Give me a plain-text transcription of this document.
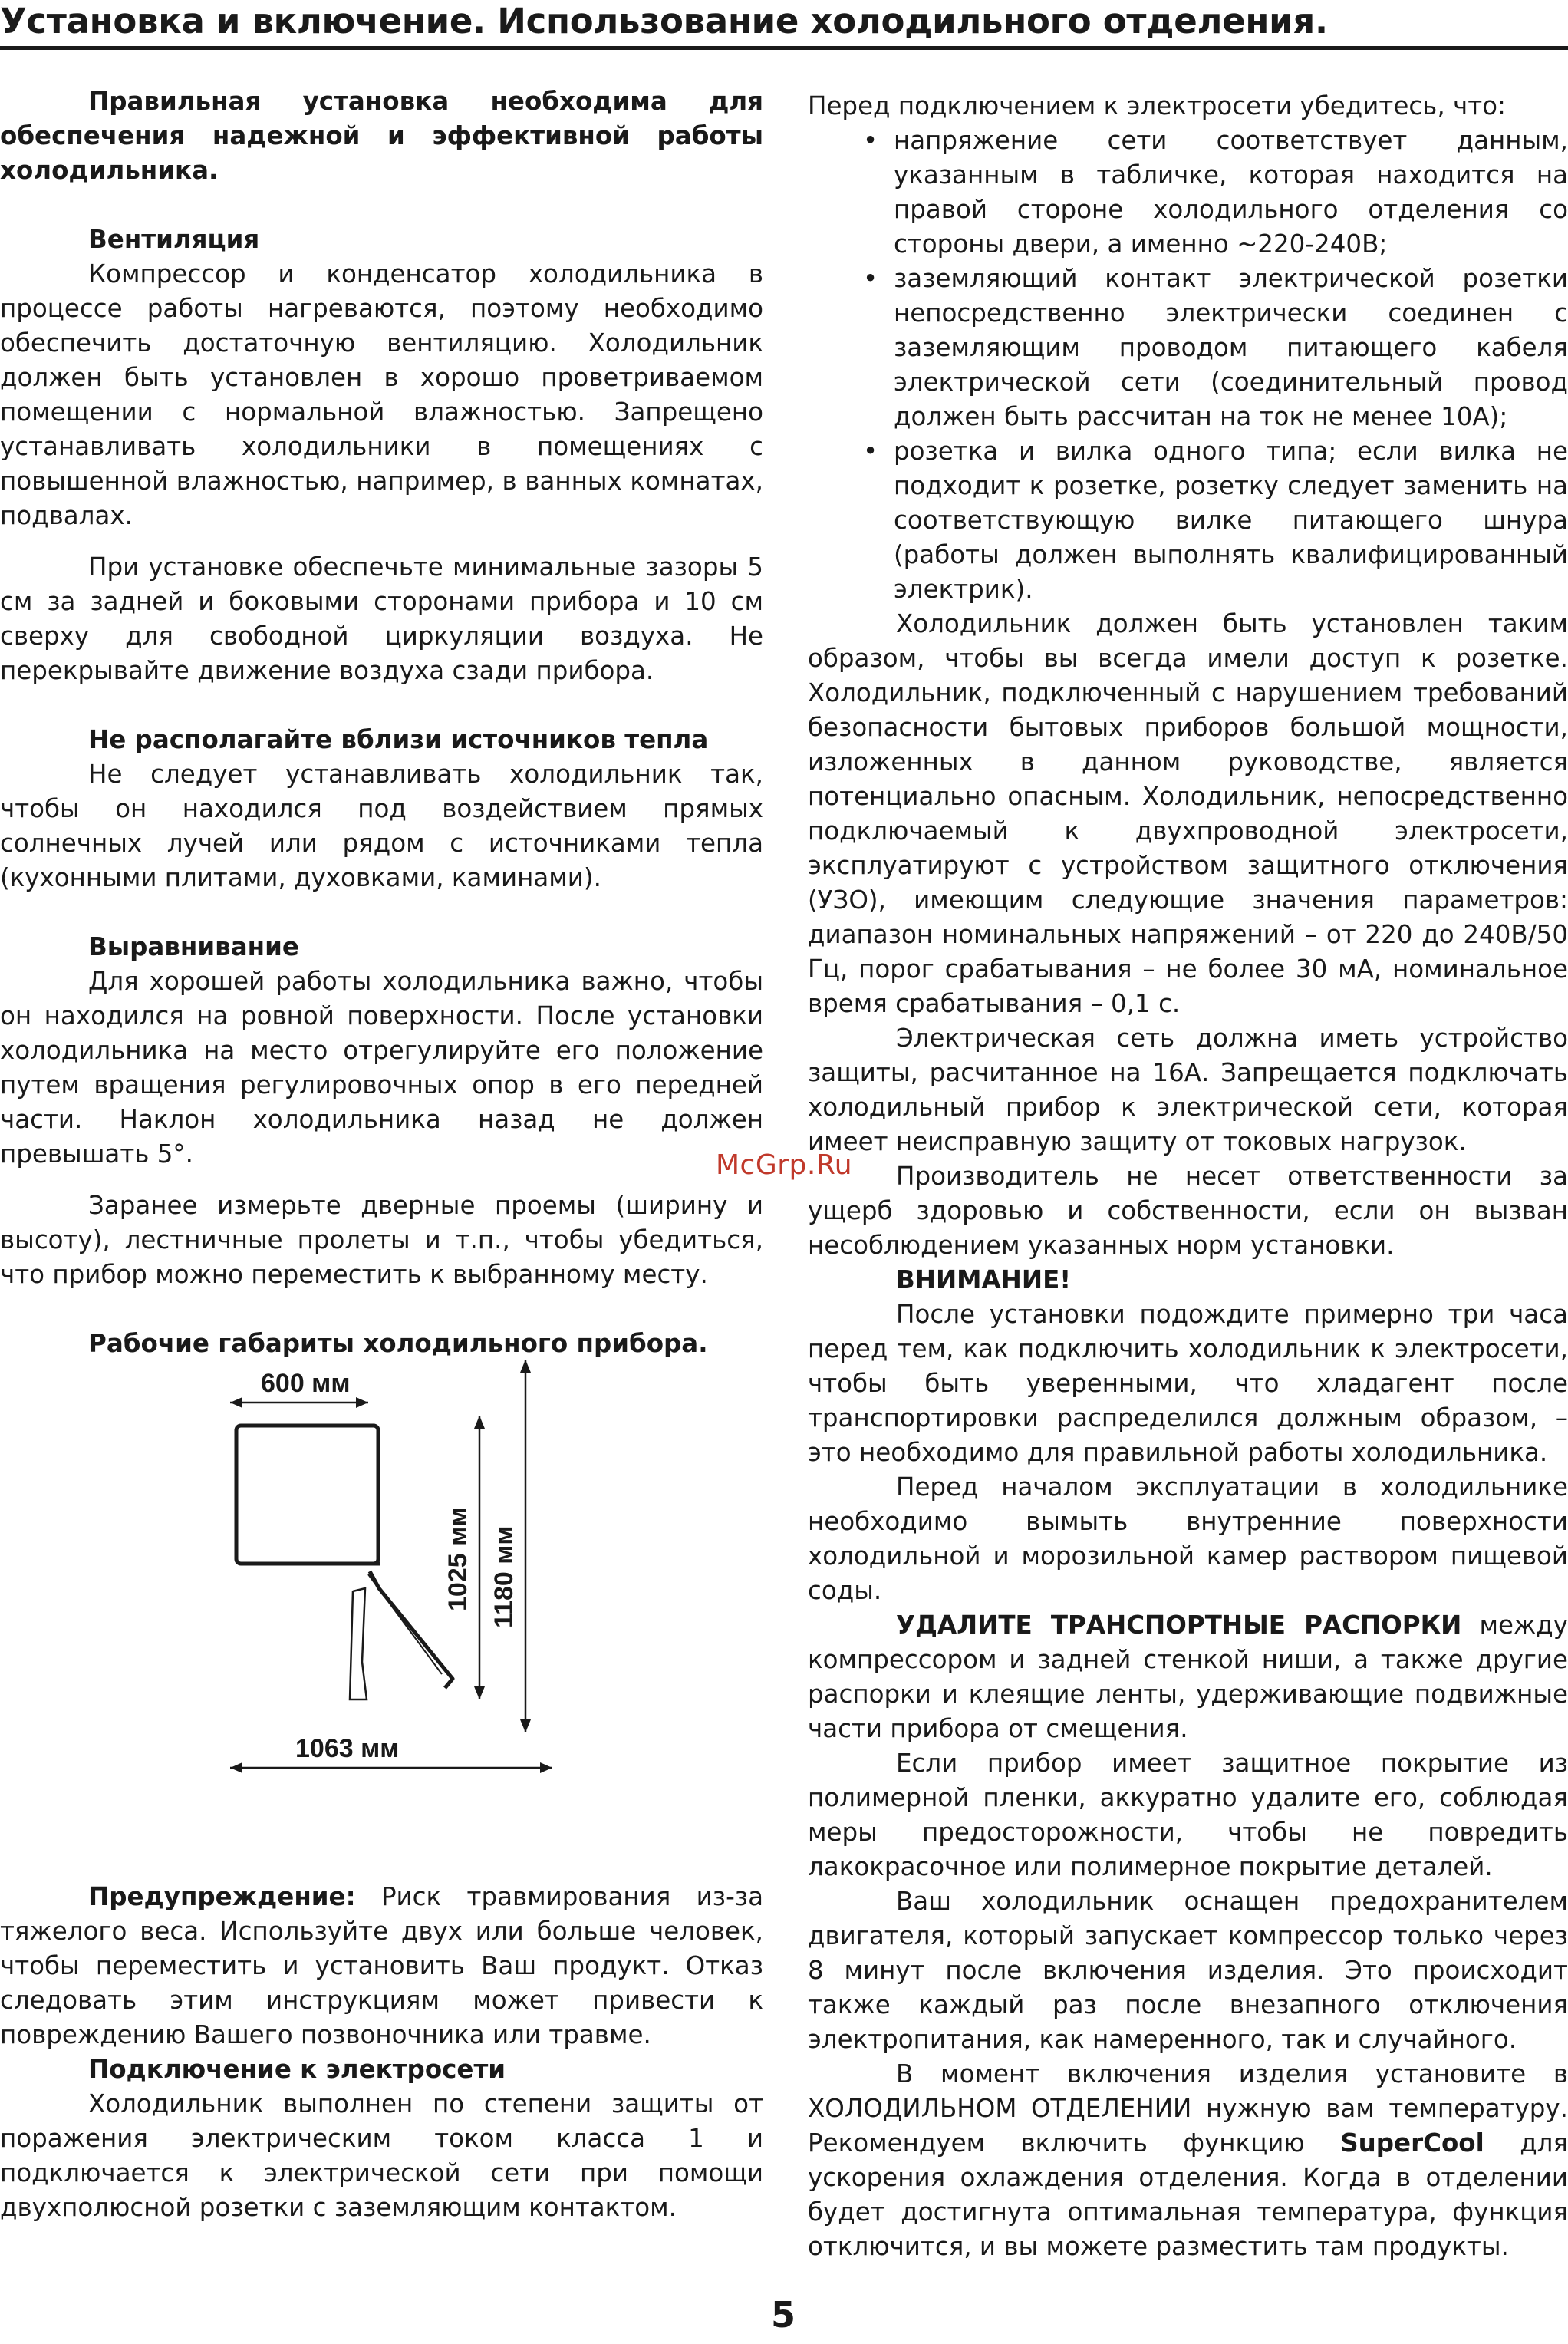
Установка и включение. Использование холодильного отделения.

Правильная установка необходима для обеспечения надежной и эффективной работы холодильника.

Вентиляция

Компрессор и конденсатор холодильника в процессе работы нагреваются, поэтому необходимо обеспечить достаточную вентиляцию. Холодильник должен быть установлен в хорошо проветриваемом помещении с нормальной влажностью. Запрещено устанавливать холодильники в помещениях с повышенной влажностью, например, в ванных комнатах, подвалах.

При установке обеспечьте минимальные зазоры 5 см за задней и боковыми сторонами прибора и 10 см сверху для свободной циркуляции воздуха. Не перекрывайте движение воздуха сзади прибора.

Не располагайте вблизи источников тепла

Не следует устанавливать холодильник так, чтобы он находился под воздействием прямых солнечных лучей или рядом с источниками тепла (кухонными плитами, духовками, каминами).

Выравнивание

Для хорошей работы холодильника важно, чтобы он находился на ровной поверхности. После установки холодильника на место отрегулируйте его положение путем вращения регулировочных опор в его передней части. Наклон холодильника назад не должен превышать 5°.

Заранее измерьте дверные проемы (ширину и высоту), лестничные пролеты и т.п., чтобы убедиться, что прибор можно переместить к выбранному месту.

Рабочие габариты холодильного прибора.
600 мм
1025 мм 1180 мм
1063 мм

Предупреждение: Риск травмирования из-за тяжелого веса. Используйте двух или больше человек, чтобы переместить и установить Ваш продукт. Отказ следовать этим инструкциям может привести к повреждению Вашего позвоночника или травме.

Подключение к электросети

Холодильник выполнен по степени защиты от поражения электрическим током класса 1 и подключается к электрической сети при помощи двухполюсной розетки с заземляющим контактом.

Перед подключением к электросети убедитесь, что:

• напряжение сети соответствует данным, указанным в табличке, которая находится на правой стороне холодильного отделения со стороны двери, а именно ~220-240В;
• заземляющий контакт электрической розетки непосредственно электрически соединен с заземляющим проводом питающего кабеля электрической сети (соединительный провод должен быть рассчитан на ток не менее 10А);
• розетка и вилка одного типа; если вилка не подходит к розетке, розетку следует заменить на соответствующую вилке питающего шнура (работы должен выполнять квалифицированный электрик).

Холодильник должен быть установлен таким образом, чтобы вы всегда имели доступ к розетке. Холодильник, подключенный с нарушением требований безопасности бытовых приборов большой мощности, изложенных в данном руководстве, является потенциально опасным. Холодильник, непосредственно подключаемый к двухпроводной электросети, эксплуатируют с устройством защитного отключения (УЗО), имеющим следующие значения параметров: диапазон номинальных напряжений – от 220 до 240В/50 Гц, порог срабатывания – не более 30 мА, номинальное время срабатывания – 0,1 с.

Электрическая сеть должна иметь устройство защиты, расчитанное на 16А. Запрещается подключать холодильный прибор к электрической сети, которая имеет неисправную защиту от токовых нагрузок.

Производитель не несет ответственности за ущерб здоровью и собственности, если он вызван несоблюдением указанных норм установки.

ВНИМАНИЕ!

После установки подождите примерно три часа перед тем, как подключить холодильник к электросети, чтобы быть уверенными, что хладагент после транспортировки распределился должным образом, – это необходимо для правильной работы холодильника.

Перед началом эксплуатации в холодильнике необходимо вымыть внутренние поверхности холодильной и морозильной камер раствором пищевой соды.

УДАЛИТЕ ТРАНСПОРТНЫЕ РАСПОРКИ между компрессором и задней стенкой ниши, а также другие распорки и клеящие ленты, удерживающие подвижные части прибора от смещения.

Если прибор имеет защитное покрытие из полимерной пленки, аккуратно удалите его, соблюдая меры предосторожности, чтобы не повредить лакокрасочное или полимерное покрытие деталей.

Ваш холодильник оснащен предохранителем двигателя, который запускает компрессор только через 8 минут после включения изделия. Это происходит также каждый раз после внезапного отключения электропитания, как намеренного, так и случайного.

В момент включения изделия установите в ХОЛОДИЛЬНОМ ОТДЕЛЕНИИ нужную вам температуру. Рекомендуем включить функцию SuperCool для ускорения охлаждения отделения. Когда в отделении будет достигнута оптимальная температура, функция отключится, и вы можете разместить там продукты.

McGrp.Ru
5
